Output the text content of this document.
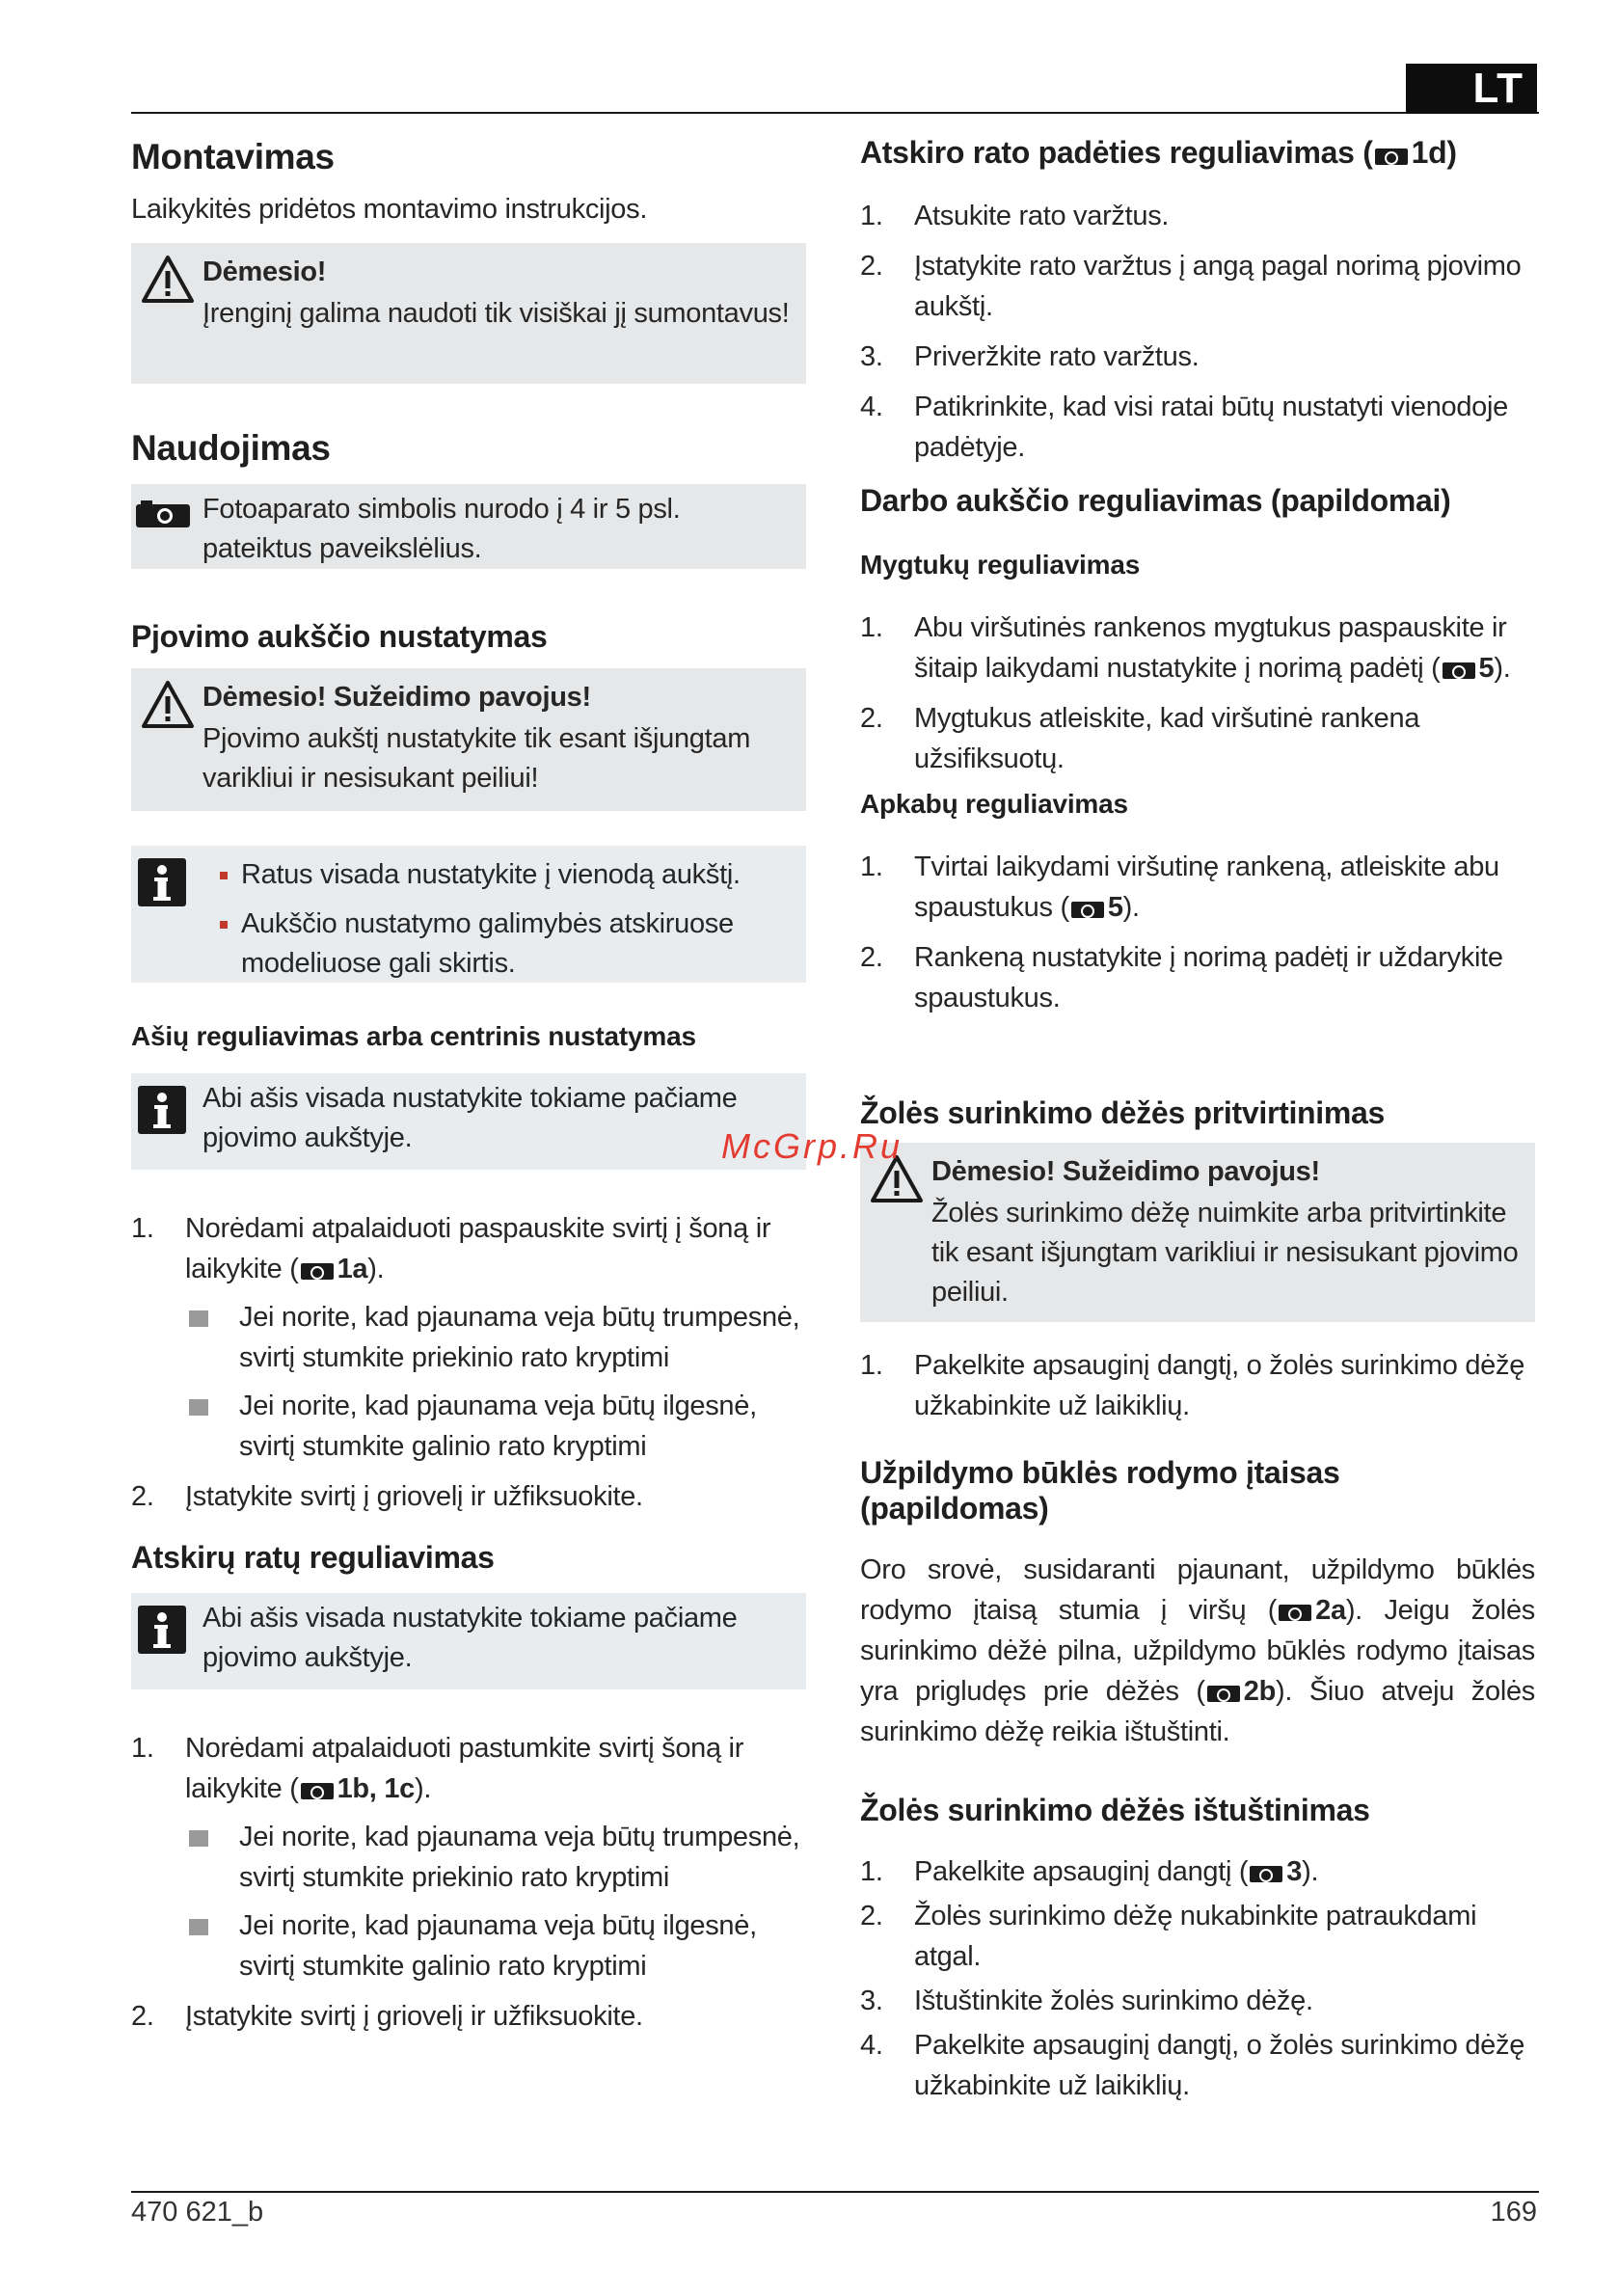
LT
Montavimas

Laikykitės pridėtos montavimo instrukcijos.

Dėmesio!
Įrenginį galima naudoti tik visiškai jį sumontavus!
Naudojimas
Fotoaparato simbolis nurodo į 4 ir 5 psl. pateiktus paveikslėlius.
Pjovimo aukščio nustatymas
Dėmesio! Sužeidimo pavojus!
Pjovimo aukštį nustatykite tik esant išjungtam varikliui ir nesisukant peiliui!
Ratus visada nustatykite į vienodą aukštį.
Aukščio nustatymo galimybės atskiruose modeliuose gali skirtis.
Ašių reguliavimas arba centrinis nustatymas
Abi ašis visada nustatykite tokiame pačiame pjovimo aukštyje.
1. Norėdami atpalaiduoti paspauskite svirtį į šoną ir laikykite ( 1a).
Jei norite, kad pjaunama veja būtų trumpesnė, svirtį stumkite priekinio rato kryptimi
Jei norite, kad pjaunama veja būtų ilgesnė, svirtį stumkite galinio rato kryptimi
2. Įstatykite svirtį į griovelį ir užfiksuokite.
Atskirų ratų reguliavimas
Abi ašis visada nustatykite tokiame pačiame pjovimo aukštyje.
1. Norėdami atpalaiduoti pastumkite svirtį šoną ir laikykite ( 1b, 1c).
Jei norite, kad pjaunama veja būtų trumpesnė, svirtį stumkite priekinio rato kryptimi
Jei norite, kad pjaunama veja būtų ilgesnė, svirtį stumkite galinio rato kryptimi
2. Įstatykite svirtį į griovelį ir užfiksuokite.
Atskiro rato padėties reguliavimas ( 1d)
1. Atsukite rato varžtus.
2. Įstatykite rato varžtus į angą pagal norimą pjovimo aukštį.
3. Priveržkite rato varžtus.
4. Patikrinkite, kad visi ratai būtų nustatyti vienodoje padėtyje.
Darbo aukščio reguliavimas (papildomai)
Mygtukų reguliavimas
1. Abu viršutinės rankenos mygtukus paspauskite ir šitaip laikydami nustatykite į norimą padėtį ( 5).
2. Mygtukus atleiskite, kad viršutinė rankena užsifiksuotų.
Apkabų reguliavimas
1. Tvirtai laikydami viršutinę rankeną, atleiskite abu spaustukus ( 5).
2. Rankeną nustatykite į norimą padėtį ir uždarykite spaustukus.
Žolės surinkimo dėžės pritvirtinimas
Dėmesio! Sužeidimo pavojus!
Žolės surinkimo dėžę nuimkite arba pritvirtinkite tik esant išjungtam varikliui ir nesisukant pjovimo peiliui.
1. Pakelkite apsauginį dangtį, o žolės surinkimo dėžę užkabinkite už laikiklių.
Užpildymo būklės rodymo įtaisas (papildomas)

Oro srovė, susidaranti pjaunant, užpildymo būklės rodymo įtaisą stumia į viršų ( 2a). Jeigu žolės surinkimo dėžė pilna, užpildymo būklės rodymo įtaisas yra prigludęs prie dėžės ( 2b). Šiuo atveju žolės surinkimo dėžę reikia ištuštinti.

Žolės surinkimo dėžės ištuštinimas
1. Pakelkite apsauginį dangtį ( 3).
2. Žolės surinkimo dėžę nukabinkite patraukdami atgal.
3. Ištuštinkite žolės surinkimo dėžę.
4. Pakelkite apsauginį dangtį, o žolės surinkimo dėžę užkabinkite už laikiklių.
McGrp.Ru
470 621_b	169
